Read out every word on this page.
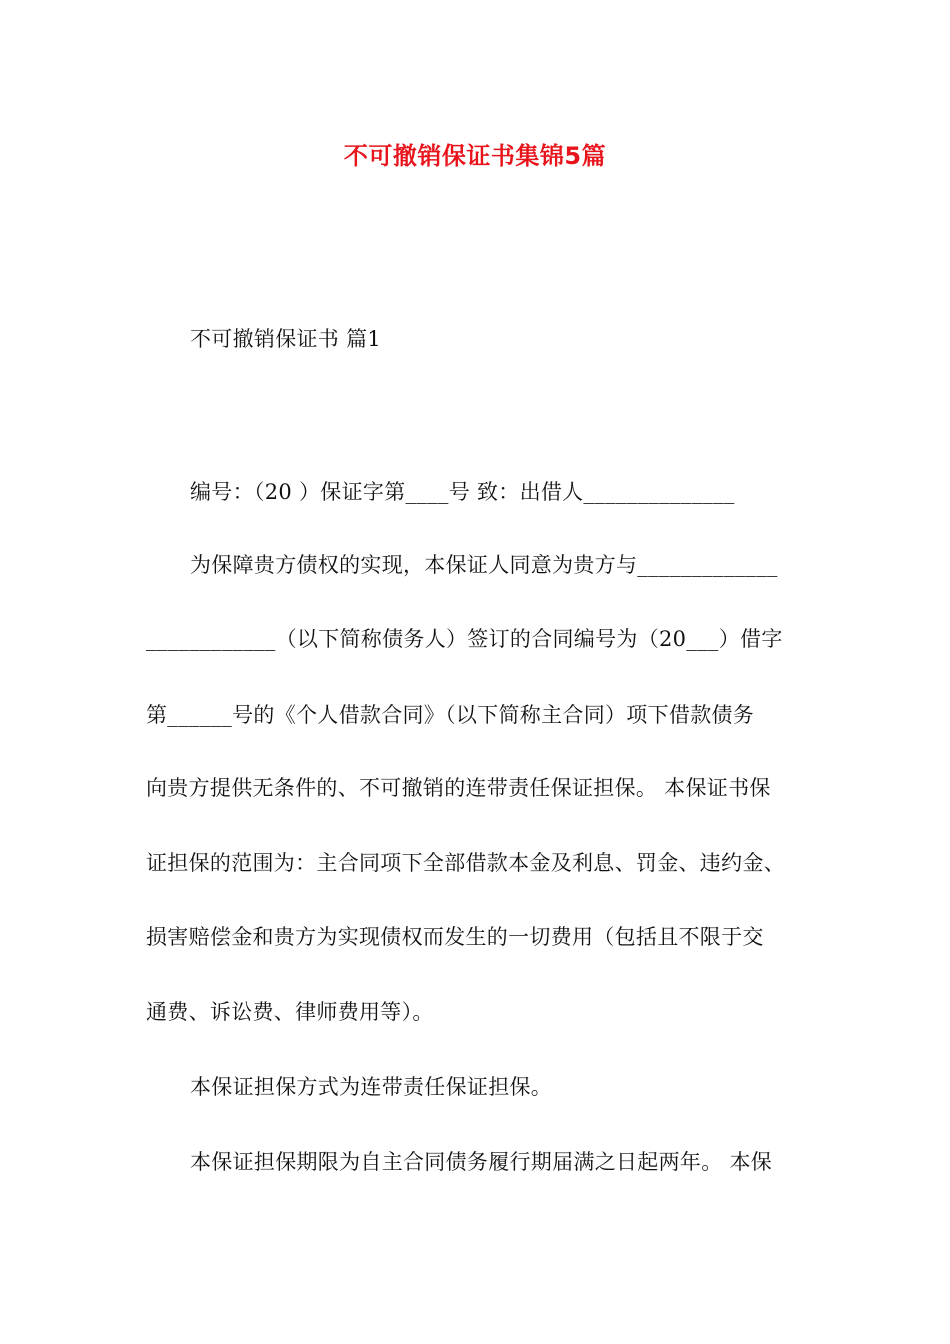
不可撤销保证书集锦5篇
不可撤销保证书 篇1
编号：（20 ）保证字第____号 致：出借人______________
为保障贵方债权的实现，本保证人同意为贵方与_____________
____________（以下简称债务人）签订的合同编号为（20___）借字
第______号的《个人借款合同》（以下简称主合同）项下借款债务
向贵方提供无条件的、不可撤销的连带责任保证担保。 本保证书保
证担保的范围为：主合同项下全部借款本金及利息、罚金、违约金、
损害赔偿金和贵方为实现债权而发生的一切费用（包括且不限于交
通费、诉讼费、律师费用等）。
本保证担保方式为连带责任保证担保。
本保证担保期限为自主合同债务履行期届满之日起两年。 本保
